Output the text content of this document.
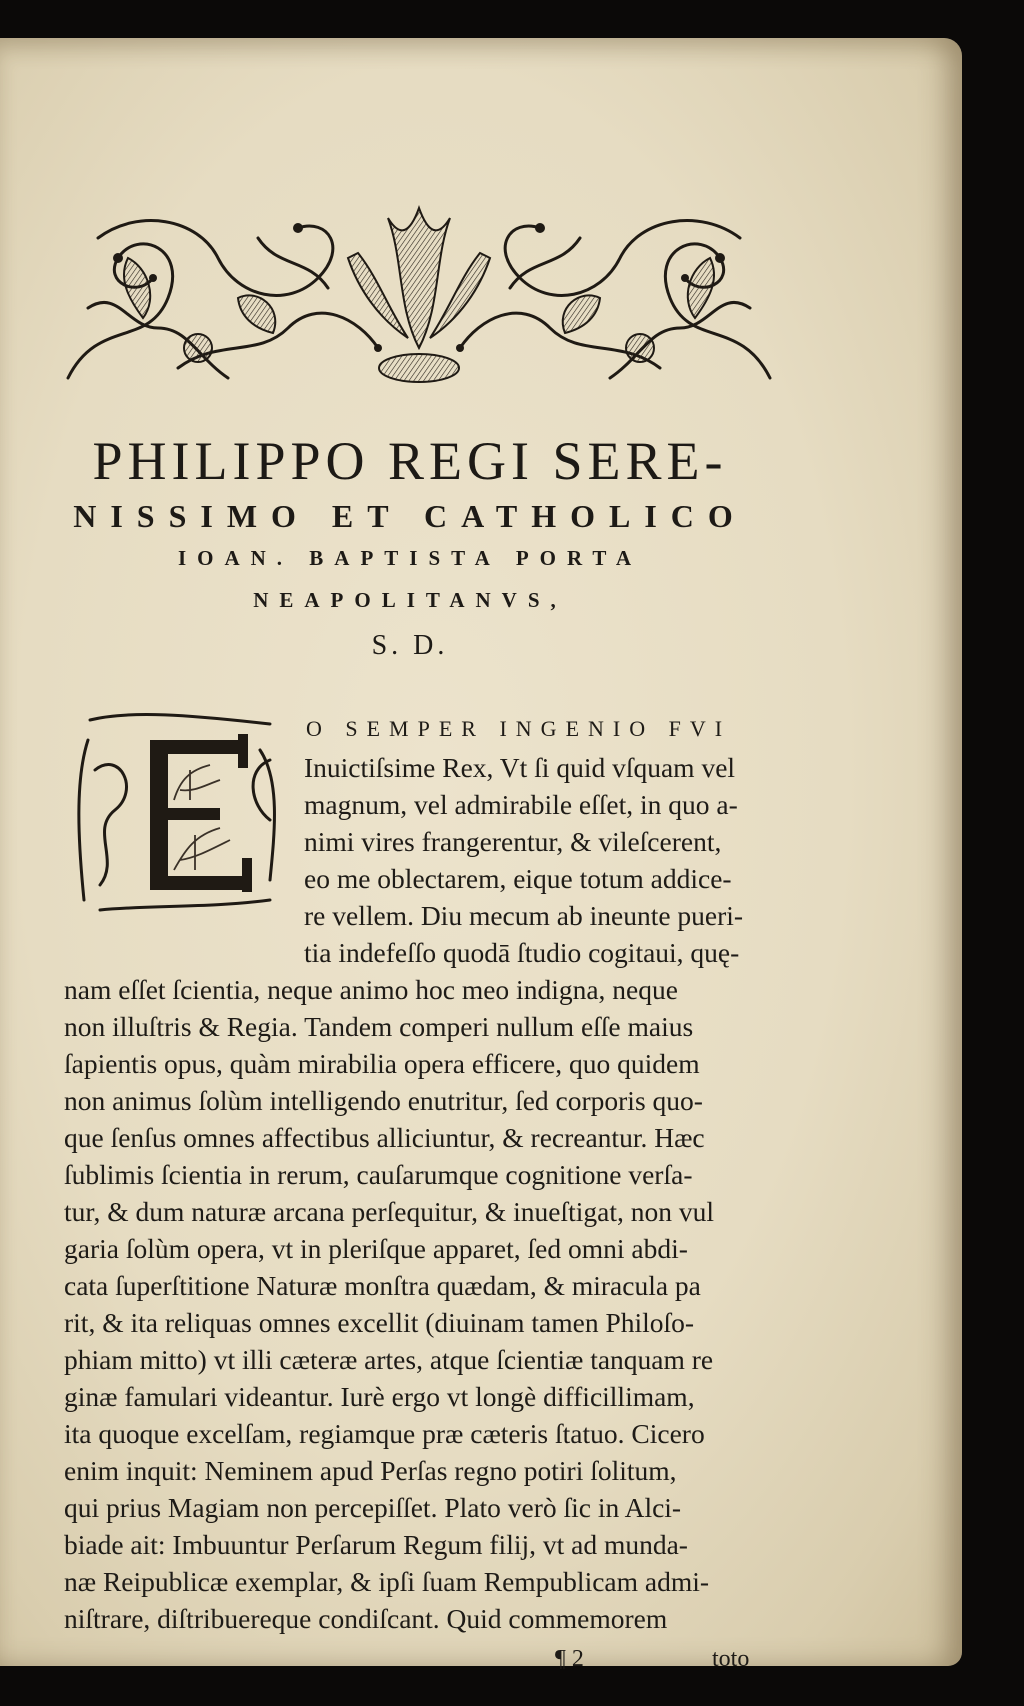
PHILIPPO REGI SERE-
NISSIMO ET CATHOLICO
IOAN. BAPTISTA PORTA
NEAPOLITANVS,
S. D.
O SEMPER INGENIO FVI
Inuictiſsime Rex, Vt ſi quid vſquam vel
magnum, vel admirabile eſſet, in quo a-
nimi vires frangerentur, & vileſcerent,
eo me oblectarem, eique totum addice-
re vellem. Diu mecum ab ineunte pueri-
tia indefeſſo quodā ſtudio cogitaui, quę-
nam eſſet ſcientia, neque animo hoc meo indigna, neque
non illuſtris & Regia. Tandem comperi nullum eſſe maius
ſapientis opus, quàm mirabilia opera efficere, quo quidem
non animus ſolùm intelligendo enutritur, ſed corporis quo-
que ſenſus omnes affectibus alliciuntur, & recreantur. Hæc
ſublimis ſcientia in rerum, cauſarumque cognitione verſa-
tur, & dum naturæ arcana perſequitur, & inueſtigat, non vul
garia ſolùm opera, vt in pleriſque apparet, ſed omni abdi-
cata ſuperſtitione Naturæ monſtra quædam, & miracula pa
rit, & ita reliquas omnes excellit (diuinam tamen Philoſo-
phiam mitto) vt illi cæteræ artes, atque ſcientiæ tanquam re
ginæ famulari videantur. Iurè ergo vt longè difficillimam,
ita quoque excelſam, regiamque præ cæteris ſtatuo. Cicero
enim inquit: Neminem apud Perſas regno potiri ſolitum,
qui prius Magiam non percepiſſet. Plato verò ſic in Alci-
biade ait: Imbuuntur Perſarum Regum filij, vt ad munda-
næ Reipublicæ exemplar, & ipſi ſuam Rempublicam admi-
niſtrare, diſtribuereque condiſcant. Quid commemorem
¶ 2	toto
